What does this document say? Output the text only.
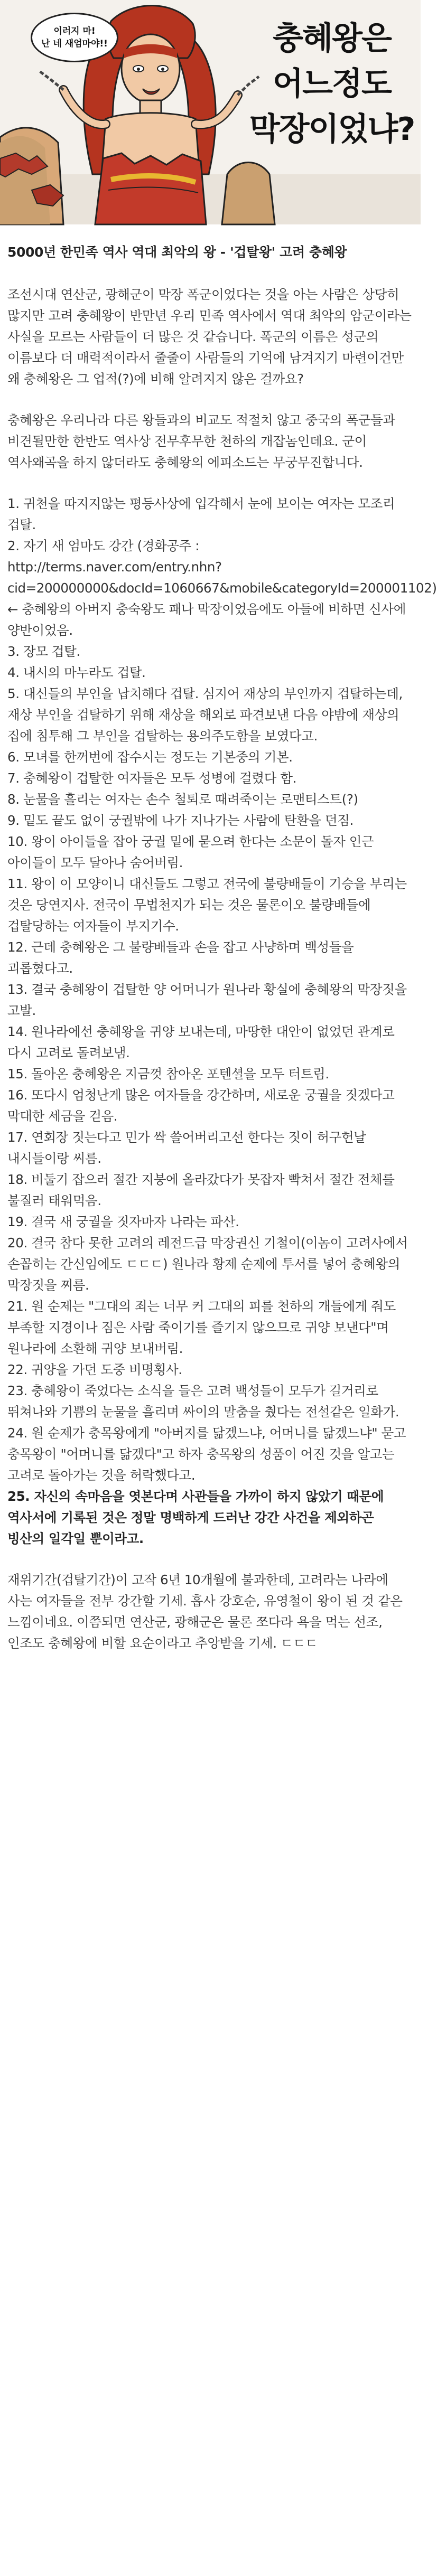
이러지 마!
난 네 새엄마야!!	충혜왕은
어느정도
막장이었냐?

5000년 한민족 역사 역대 최악의 왕 - '겁탈왕' 고려 충혜왕

조선시대 연산군, 광해군이 막장 폭군이었다는 것을 아는 사람은 상당히 많지만 고려 충혜왕이 반만년 우리 민족 역사에서 역대 최악의 암군이라는 사실을 모르는 사람들이 더 많은 것 같습니다. 폭군의 이름은 성군의 이름보다 더 매력적이라서 줄줄이 사람들의 기억에 남겨지기 마련이건만 왜 충혜왕은 그 업적(?)에 비해 알려지지 않은 걸까요?

충혜왕은 우리나라 다른 왕들과의 비교도 적절치 않고 중국의 폭군들과 비견될만한 한반도 역사상 전무후무한 천하의 개잡놈인데요. 군이 역사왜곡을 하지 않더라도 충혜왕의 에피소드는 무궁무진합니다.

1. 귀천을 따지지않는 평등사상에 입각해서 눈에 보이는 여자는 모조리 겁탈.

2. 자기 새 엄마도 강간 (경화공주 : http://terms.naver.com/entry.nhn?cid=200000000&docId=1060667&mobile&categoryId=200001102) ← 충혜왕의 아버지 충숙왕도 패나 막장이었음에도 아들에 비하면 신사에 양반이었음.

3. 장모 겁탈.

4. 내시의 마누라도 겁탈.

5. 대신들의 부인을 납치해다 겁탈. 심지어 재상의 부인까지 겁탈하는데, 재상 부인을 겁탈하기 위해 재상을 해외로 파견보낸 다음 야밤에 재상의 집에 침투해 그 부인을 겁탈하는 용의주도함을 보였다고.

6. 모녀를 한꺼번에 잡수시는 정도는 기본중의 기본.

7. 충혜왕이 겁탈한 여자들은 모두 성병에 걸렸다 함.

8. 눈물을 흘리는 여자는 손수 철퇴로 때려죽이는 로맨티스트(?)

9. 밑도 끝도 없이 궁궐밖에 나가 지나가는 사람에 탄환을 던짐.

10. 왕이 아이들을 잡아 궁궐 밑에 묻으려 한다는 소문이 돌자 인근 아이들이 모두 달아나 숨어버림.

11. 왕이 이 모양이니 대신들도 그렇고 전국에 불량배들이 기승을 부리는 것은 당연지사. 전국이 무법천지가 되는 것은 물론이오 불량배들에 겁탈당하는 여자들이 부지기수.

12. 근데 충혜왕은 그 불량배들과 손을 잡고 사냥하며 백성들을 괴롭혔다고.

13. 결국 충혜왕이 겁탈한 양 어머니가 원나라 황실에 충혜왕의 막장짓을 고발.

14. 원나라에선 충혜왕을 귀양 보내는데, 마땅한 대안이 없었던 관계로 다시 고려로 돌려보냄.

15. 돌아온 충혜왕은 지금껏 참아온 포텐셜을 모두 터트림.

16. 또다시 엄청난게 많은 여자들을 강간하며, 새로운 궁궐을 짓겠다고 막대한 세금을 걷음.

17. 연회장 짓는다고 민가 싹 쓸어버리고선 한다는 짓이 허구헌날 내시들이랑 씨름.

18. 비둘기 잡으러 절간 지붕에 올라갔다가 못잡자 빡쳐서 절간 전체를 불질러 태워먹음.

19. 결국 새 궁궐을 짓자마자 나라는 파산.

20. 결국 참다 못한 고려의 레전드급 막장권신 기철이(이놈이 고려사에서 손꼽히는 간신임에도 ㄷㄷㄷ) 원나라 황제 순제에 투서를 넣어 충혜왕의 막장짓을 찌름.

21. 원 순제는 "그대의 죄는 너무 커 그대의 피를 천하의 개들에게 줘도 부족할 지경이나 짐은 사람 죽이기를 즐기지 않으므로 귀양 보낸다"며 원나라에 소환해 귀양 보내버림.

22. 귀양을 가던 도중 비명횡사.

23. 충혜왕이 죽었다는 소식을 들은 고려 백성들이 모두가 길거리로 뛰쳐나와 기쁨의 눈물을 흘리며 싸이의 말춤을 췄다는 전설같은 일화가.

24. 원 순제가 충목왕에게 "아버지를 닮겠느냐, 어머니를 닮겠느냐" 묻고 충목왕이 "어머니를 닮겠다"고 하자 충목왕의 성품이 어진 것을 알고는 고려로 돌아가는 것을 허락했다고.

25. 자신의 속마음을 엿본다며 사관들을 가까이 하지 않았기 때문에 역사서에 기록된 것은 정말 명백하게 드러난 강간 사건을 제외하곤 빙산의 일각일 뿐이라고.

재위기간(겁탈기간)이 고작 6년 10개월에 불과한데, 고려라는 나라에 사는 여자들을 전부 강간할 기세. 흡사 강호순, 유영철이 왕이 된 것 같은 느낌이네요. 이쯤되면 연산군, 광해군은 물론 쪼다라 욕을 먹는 선조, 인조도 충혜왕에 비할 요순이라고 추앙받을 기세. ㄷㄷㄷ
